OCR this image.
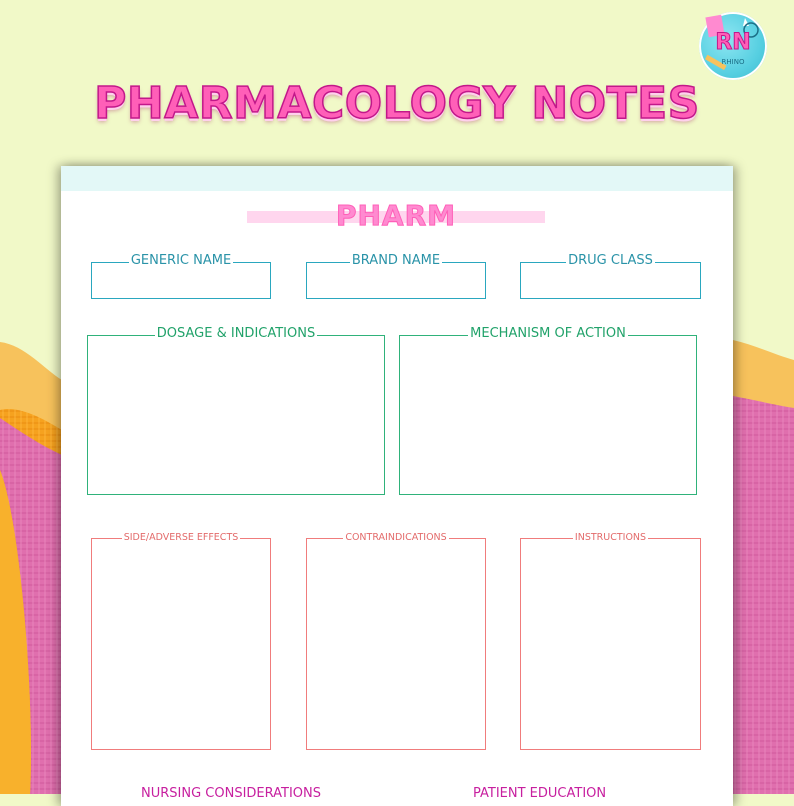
RN
RHINO
PHARMACOLOGY NOTES
PHARM
GENERIC NAME	BRAND NAME	DRUG CLASS
DOSAGE & INDICATIONS	MECHANISM OF ACTION
SIDE/ADVERSE EFFECTS	CONTRAINDICATIONS	INSTRUCTIONS
NURSING CONSIDERATIONS	PATIENT EDUCATION
